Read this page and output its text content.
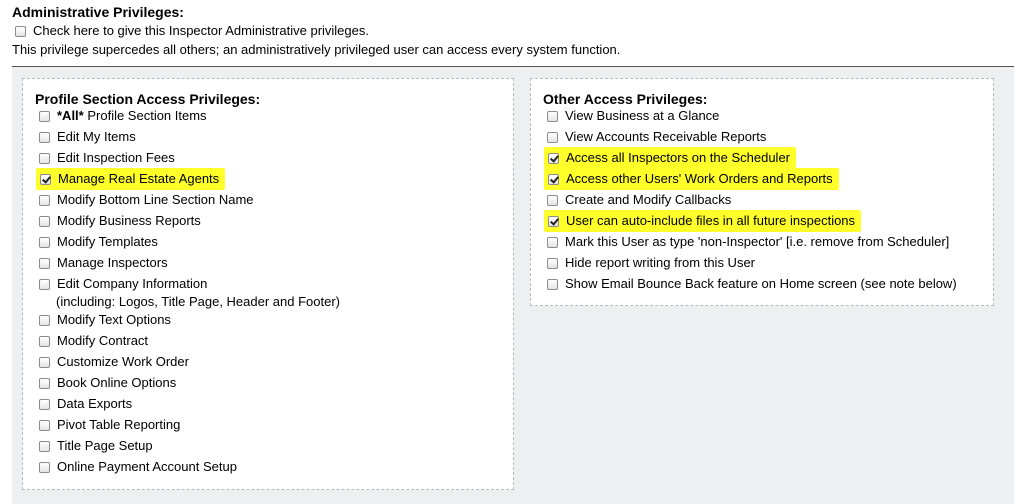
Administrative Privileges:
Check here to give this Inspector Administrative privileges.
This privilege supercedes all others; an administratively privileged user can access every system function.
Profile Section Access Privileges:
*All* Profile Section Items
Edit My Items
Edit Inspection Fees
Manage Real Estate Agents
Modify Bottom Line Section Name
Modify Business Reports
Modify Templates
Manage Inspectors
Edit Company Information
(including: Logos, Title Page, Header and Footer)
Modify Text Options
Modify Contract
Customize Work Order
Book Online Options
Data Exports
Pivot Table Reporting
Title Page Setup
Online Payment Account Setup
Other Access Privileges:
View Business at a Glance
View Accounts Receivable Reports
Access all Inspectors on the Scheduler
Access other Users' Work Orders and Reports
Create and Modify Callbacks
User can auto-include files in all future inspections
Mark this User as type 'non-Inspector' [i.e. remove from Scheduler]
Hide report writing from this User
Show Email Bounce Back feature on Home screen (see note below)
